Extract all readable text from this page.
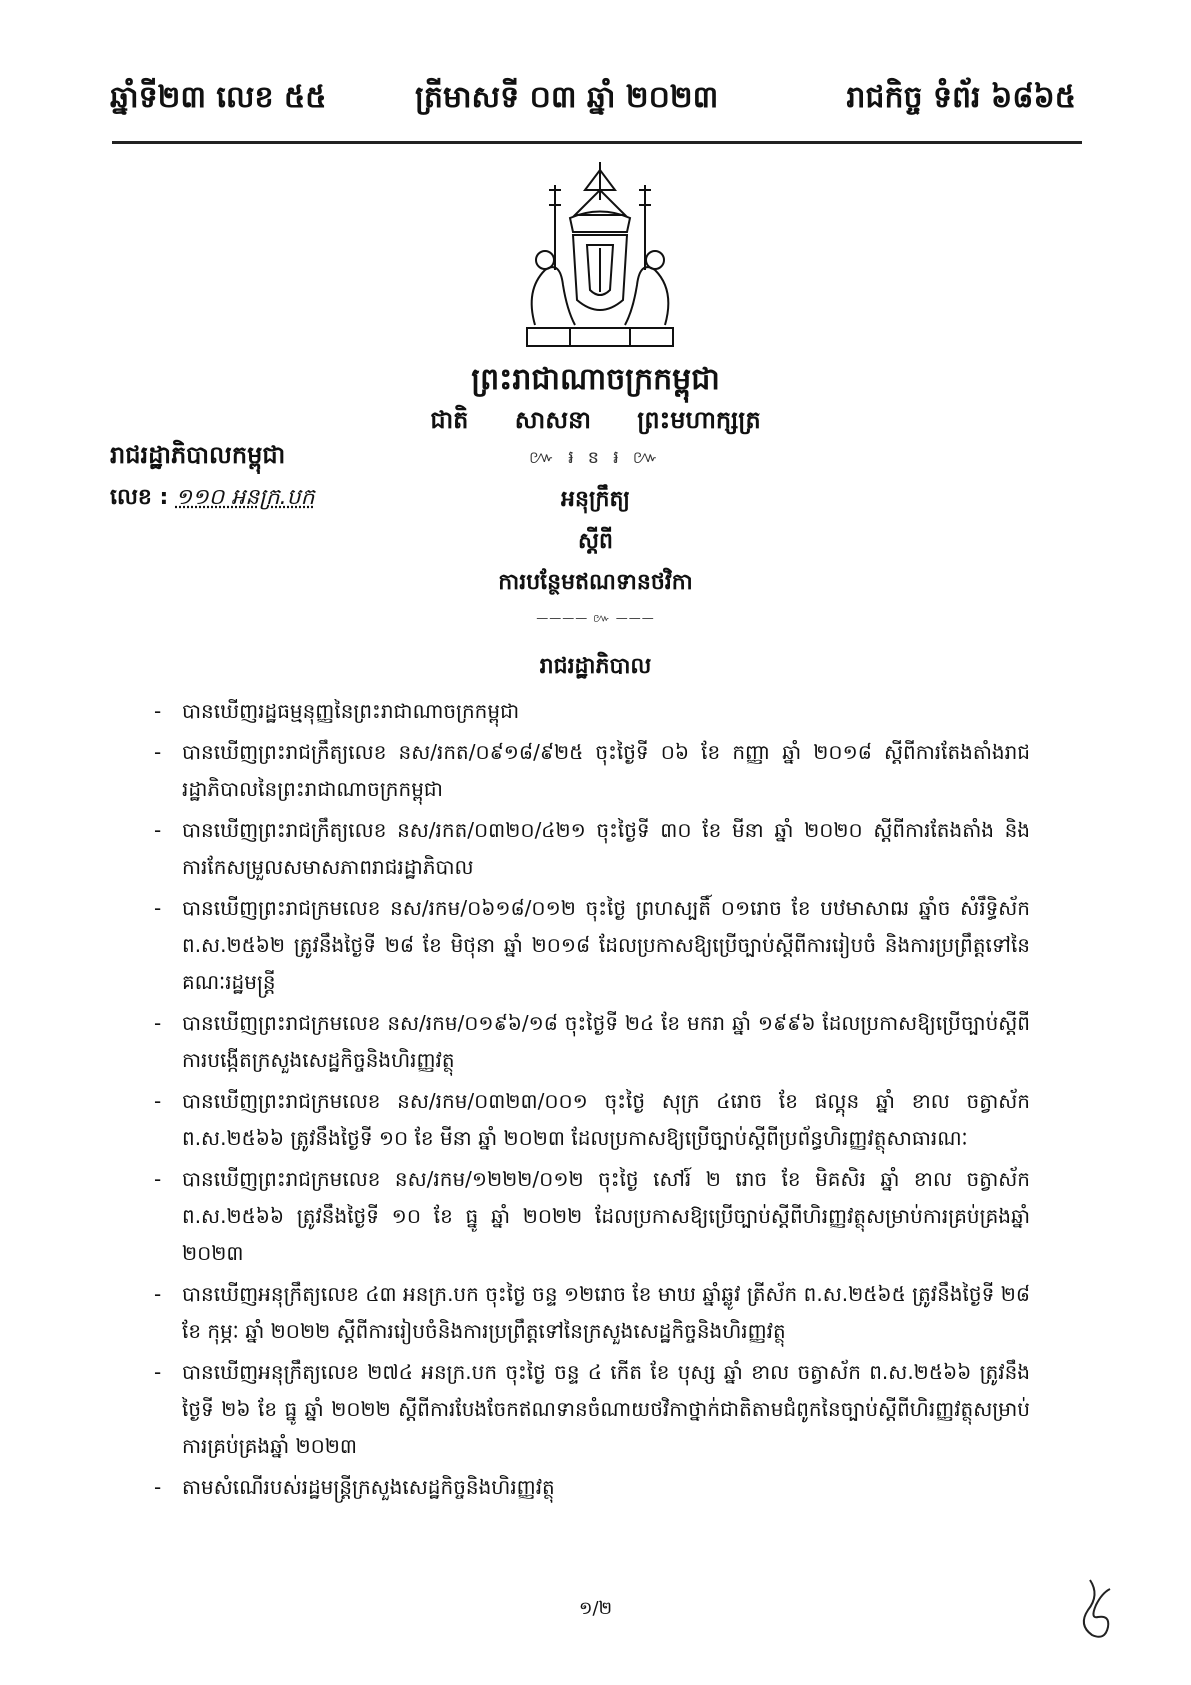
ឆ្នាំទី២៣ លេខ ៥៥	ត្រីមាសទី ០៣ ឆ្នាំ ២០២៣	រាជកិច្ច ទំព័រ ៦៨៦៥
ព្រះរាជាណាចក្រកម្ពុជា
ជាតិ សាសនា ព្រះមហាក្សត្រ
៚ ៛ ៜ ៛ ៚
រាជរដ្ឋាភិបាលកម្ពុជា
លេខ : ១១០ អនក្រ.បក	អនុក្រឹត្យ
ស្តីពី
ការបន្ថែមឥណទានថវិកា
———— ៚ ———
រាជរដ្ឋាភិបាល
- បានឃើញរដ្ឋធម្មនុញ្ញនៃព្រះរាជាណាចក្រកម្ពុជា
- បានឃើញព្រះរាជក្រឹត្យលេខ នស/រកត/០៩១៨/៩២៥ ចុះថ្ងៃទី ០៦ ខែ កញ្ញា ឆ្នាំ ២០១៨ ស្តីពីការតែងតាំងរាជរដ្ឋាភិបាលនៃព្រះរាជាណាចក្រកម្ពុជា
- បានឃើញព្រះរាជក្រឹត្យលេខ នស/រកត/០៣២០/៤២១ ចុះថ្ងៃទី ៣០ ខែ មីនា ឆ្នាំ ២០២០ ស្តីពីការតែងតាំង និងការកែសម្រួលសមាសភាពរាជរដ្ឋាភិបាល
- បានឃើញព្រះរាជក្រមលេខ នស/រកម/០៦១៨/០១២ ចុះថ្ងៃ ព្រហស្បតិ៍ ០១រោច ខែ បឋមាសាឍ ឆ្នាំច សំរឹទ្ធិស័ក ព.ស.២៥៦២ ត្រូវនឹងថ្ងៃទី ២៨ ខែ មិថុនា ឆ្នាំ ២០១៨ ដែលប្រកាសឱ្យប្រើច្បាប់ស្តីពីការរៀបចំ និងការប្រព្រឹត្តទៅនៃគណៈរដ្ឋមន្ត្រី
- បានឃើញព្រះរាជក្រមលេខ នស/រកម/០១៩៦/១៨ ចុះថ្ងៃទី ២៤ ខែ មករា ឆ្នាំ ១៩៩៦ ដែលប្រកាសឱ្យប្រើច្បាប់ស្តីពីការបង្កើតក្រសួងសេដ្ឋកិច្ចនិងហិរញ្ញវត្ថុ
- បានឃើញព្រះរាជក្រមលេខ នស/រកម/០៣២៣/០០១ ចុះថ្ងៃ សុក្រ ៤រោច ខែ ផល្គុន ឆ្នាំ ខាល ចត្វាស័ក ព.ស.២៥៦៦ ត្រូវនឹងថ្ងៃទី ១០ ខែ មីនា ឆ្នាំ ២០២៣ ដែលប្រកាសឱ្យប្រើច្បាប់ស្តីពីប្រព័ន្ធហិរញ្ញវត្ថុសាធារណៈ
- បានឃើញព្រះរាជក្រមលេខ នស/រកម/១២២២/០១២ ចុះថ្ងៃ សៅរ៍ ២ រោច ខែ មិគសិរ ឆ្នាំ ខាល ចត្វាស័ក ព.ស.២៥៦៦ ត្រូវនឹងថ្ងៃទី ១០ ខែ ធ្នូ ឆ្នាំ ២០២២ ដែលប្រកាសឱ្យប្រើច្បាប់ស្តីពីហិរញ្ញវត្ថុសម្រាប់ការគ្រប់គ្រងឆ្នាំ ២០២៣
- បានឃើញអនុក្រឹត្យលេខ ៤៣ អនក្រ.បក ចុះថ្ងៃ ចន្ទ ១២រោច ខែ មាឃ ឆ្នាំឆ្លូវ ត្រីស័ក ព.ស.២៥៦៥ ត្រូវនឹងថ្ងៃទី ២៨ ខែ កុម្ភៈ ឆ្នាំ ២០២២ ស្តីពីការរៀបចំនិងការប្រព្រឹត្តទៅនៃក្រសួងសេដ្ឋកិច្ចនិងហិរញ្ញវត្ថុ
- បានឃើញអនុក្រឹត្យលេខ ២៧៤ អនក្រ.បក ចុះថ្ងៃ ចន្ទ ៤ កើត ខែ បុស្ស ឆ្នាំ ខាល ចត្វាស័ក ព.ស.២៥៦៦ ត្រូវនឹងថ្ងៃទី ២៦ ខែ ធ្នូ ឆ្នាំ ២០២២ ស្តីពីការបែងចែកឥណទានចំណាយថវិកាថ្នាក់ជាតិតាមជំពូកនៃច្បាប់ស្តីពីហិរញ្ញវត្ថុសម្រាប់ការគ្រប់គ្រងឆ្នាំ ២០២៣
- តាមសំណើរបស់រដ្ឋមន្ត្រីក្រសួងសេដ្ឋកិច្ចនិងហិរញ្ញវត្ថុ
១/២
